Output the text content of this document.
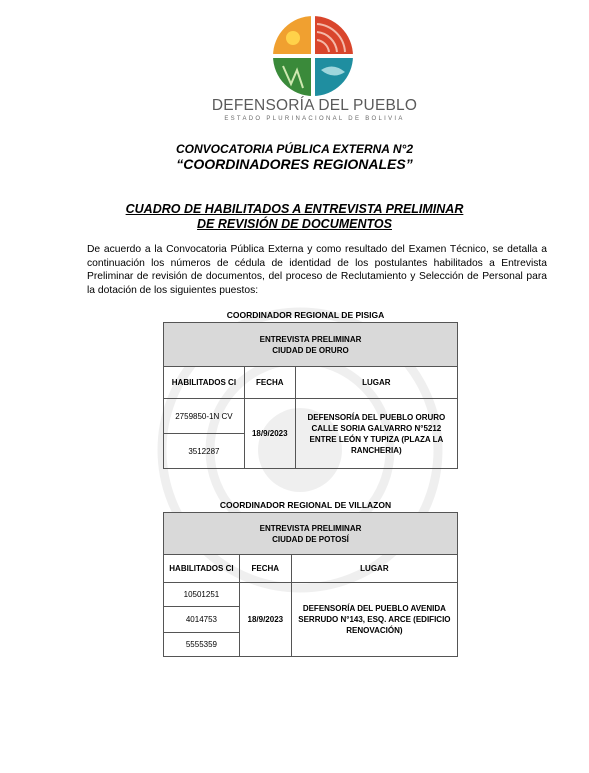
DEFENSORÍA DEL PUEBLO
ESTADO PLURINACIONAL DE BOLIVIA
CONVOCATORIA PÚBLICA EXTERNA N°2
“COORDINADORES REGIONALES”
CUADRO DE HABILITADOS A ENTREVISTA PRELIMINAR
DE REVISIÓN DE DOCUMENTOS
De acuerdo a la Convocatoria Pública Externa y como resultado del Examen Técnico, se detalla a continuación los números de cédula de identidad de los postulantes habilitados a Entrevista Preliminar de revisión de documentos, del proceso de Reclutamiento y Selección de Personal para la dotación de los siguientes puestos:
COORDINADOR REGIONAL DE PISIGA
ENTREVISTA PRELIMINAR
CIUDAD DE ORURO		

HABILITADOS CI	FECHA	LUGAR
2759850-1N CV	18/9/2023	DEFENSORÍA DEL PUEBLO ORURO CALLE SORIA GALVARRO N°5212 ENTRE LEÓN Y TUPIZA (PLAZA LA RANCHERIA)
3512287		
COORDINADOR REGIONAL DE VILLAZON
ENTREVISTA PRELIMINAR
CIUDAD DE POTOSÍ		

HABILITADOS CI	FECHA	LUGAR
10501251	18/9/2023	DEFENSORÍA DEL PUEBLO AVENIDA SERRUDO N°143, ESQ. ARCE (EDIFICIO RENOVACIÓN)
4014753		
5555359		
